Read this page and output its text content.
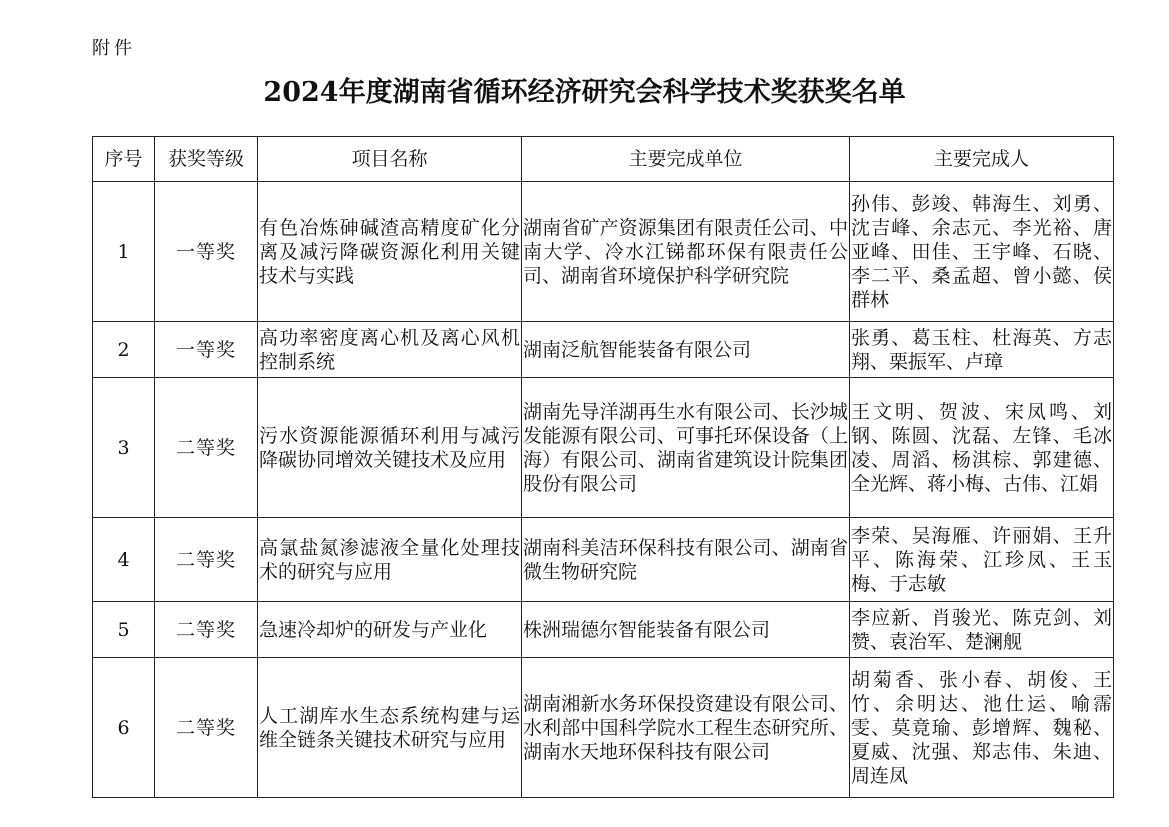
附件
2024年度湖南省循环经济研究会科学技术奖获奖名单
序号	获奖等级	项目名称	主要完成单位	主要完成人
1	一等奖	有色冶炼砷碱渣高精度矿化分离及减污降碳资源化利用关键技术与实践	湖南省矿产资源集团有限责任公司、中南大学、冷水江锑都环保有限责任公司、湖南省环境保护科学研究院	孙伟、彭竣、韩海生、刘勇、沈吉峰、余志元、李光裕、唐亚峰、田佳、王宇峰、石晓、李二平、桑孟超、曾小懿、侯群林
2	一等奖	高功率密度离心机及离心风机控制系统	湖南泛航智能装备有限公司	张勇、葛玉柱、杜海英、方志翔、栗振军、卢璋
3	二等奖	污水资源能源循环利用与减污降碳协同增效关键技术及应用	湖南先导洋湖再生水有限公司、长沙城发能源有限公司、可事托环保设备（上海）有限公司、湖南省建筑设计院集团股份有限公司	王文明、贺波、宋凤鸣、刘钢、陈圆、沈磊、左锋、毛冰凌、周滔、杨淇棕、郭建德、全光辉、蒋小梅、古伟、江娟
4	二等奖	高氯盐氮渗滤液全量化处理技术的研究与应用	湖南科美洁环保科技有限公司、湖南省微生物研究院	李荣、吴海雁、许丽娟、王升平、陈海荣、江珍凤、王玉梅、于志敏
5	二等奖	急速冷却炉的研发与产业化	株洲瑞德尔智能装备有限公司	李应新、肖骏光、陈克剑、刘赞、袁治军、楚澜舰
6	二等奖	人工湖库水生态系统构建与运维全链条关键技术研究与应用	湖南湘新水务环保投资建设有限公司、水利部中国科学院水工程生态研究所、湖南水天地环保科技有限公司	胡菊香、张小春、胡俊、王竹、余明达、池仕运、喻霈雯、莫竟瑜、彭增辉、魏秘、夏威、沈强、郑志伟、朱迪、周连凤
